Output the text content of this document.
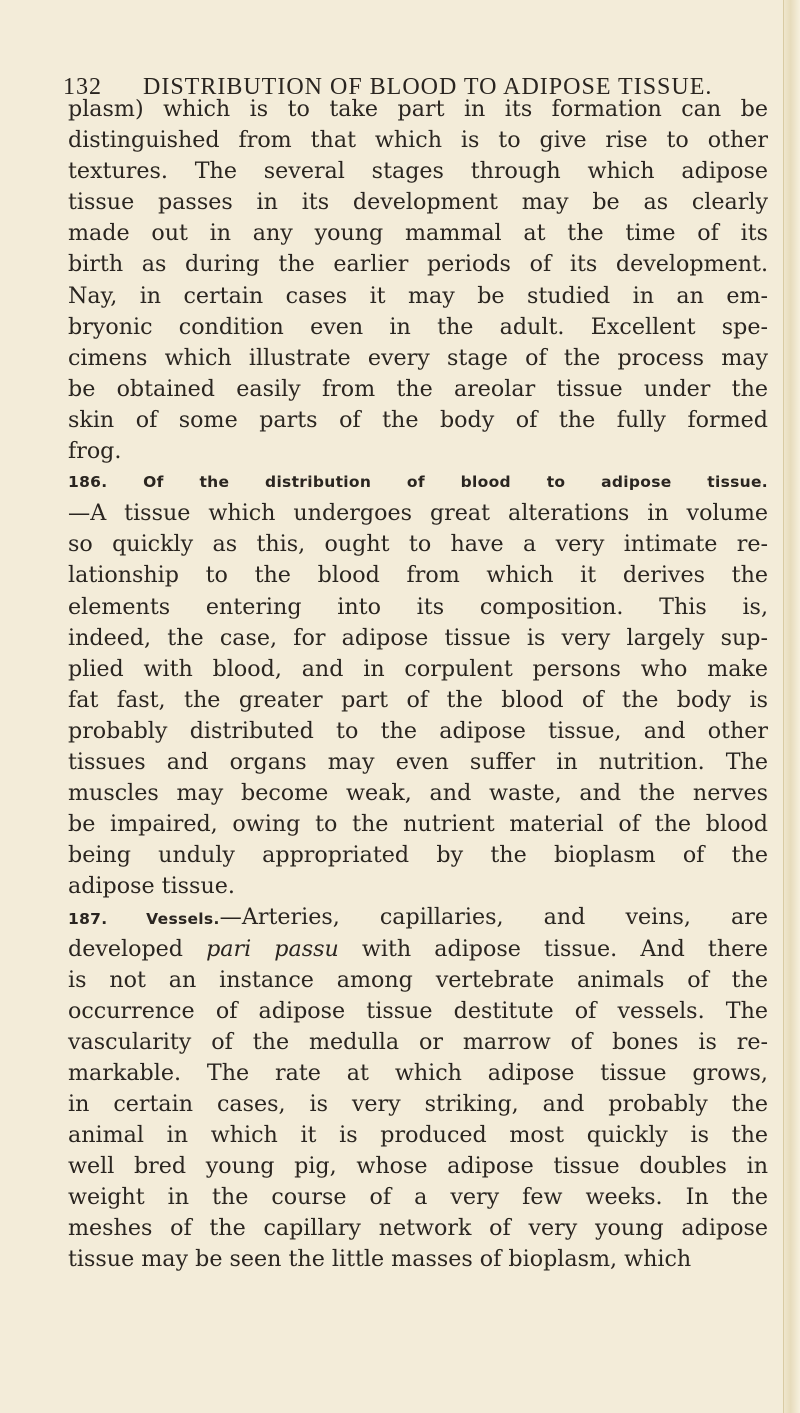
132 DISTRIBUTION OF BLOOD TO ADIPOSE TISSUE.
plasm) which is to take part in its formation can be
distinguished from that which is to give rise to other
textures. The several stages through which adipose
tissue passes in its development may be as clearly
made out in any young mammal at the time of its
birth as during the earlier periods of its development.
Nay, in certain cases it may be studied in an em-
bryonic condition even in the adult. Excellent spe-
cimens which illustrate every stage of the process may
be obtained easily from the areolar tissue under the
skin of some parts of the body of the fully formed
frog.
186. Of the distribution of blood to adipose tissue.
—A tissue which undergoes great alterations in volume
so quickly as this, ought to have a very intimate re-
lationship to the blood from which it derives the
elements entering into its composition. This is,
indeed, the case, for adipose tissue is very largely sup-
plied with blood, and in corpulent persons who make
fat fast, the greater part of the blood of the body is
probably distributed to the adipose tissue, and other
tissues and organs may even suffer in nutrition. The
muscles may become weak, and waste, and the nerves
be impaired, owing to the nutrient material of the blood
being unduly appropriated by the bioplasm of the
adipose tissue.
187. Vessels.—Arteries, capillaries, and veins, are
developed pari passu with adipose tissue. And there
is not an instance among vertebrate animals of the
occurrence of adipose tissue destitute of vessels. The
vascularity of the medulla or marrow of bones is re-
markable. The rate at which adipose tissue grows,
in certain cases, is very striking, and probably the
animal in which it is produced most quickly is the
well bred young pig, whose adipose tissue doubles in
weight in the course of a very few weeks. In the
meshes of the capillary network of very young adipose
tissue may be seen the little masses of bioplasm, which
